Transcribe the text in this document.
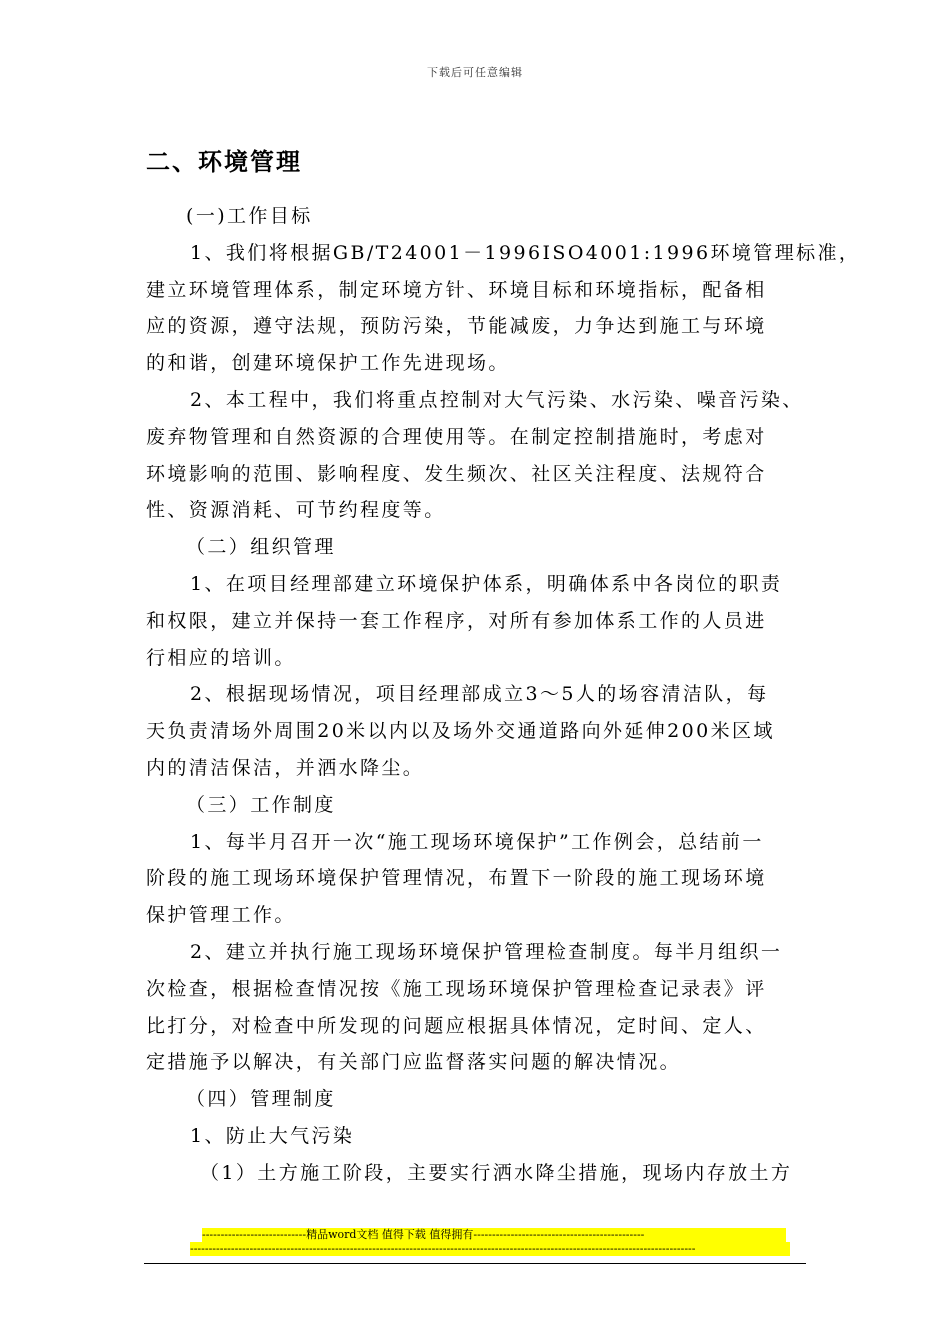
下载后可任意编辑
二、环境管理

(一)工作目标

1、我们将根据GB/T24001－1996ISO4001:1996环境管理标准，

建立环境管理体系，制定环境方针、环境目标和环境指标，配备相

应的资源，遵守法规，预防污染，节能减废，力争达到施工与环境

的和谐，创建环境保护工作先进现场。

2、本工程中，我们将重点控制对大气污染、水污染、噪音污染、

废弃物管理和自然资源的合理使用等。在制定控制措施时，考虑对

环境影响的范围、影响程度、发生频次、社区关注程度、法规符合

性、资源消耗、可节约程度等。

（二）组织管理

1、在项目经理部建立环境保护体系，明确体系中各岗位的职责

和权限，建立并保持一套工作程序，对所有参加体系工作的人员进

行相应的培训。

2、根据现场情况，项目经理部成立3～5人的场容清洁队，每

天负责清场外周围20米以内以及场外交通道路向外延伸200米区域

内的清洁保洁，并洒水降尘。

（三）工作制度

1、每半月召开一次“施工现场环境保护”工作例会，总结前一

阶段的施工现场环境保护管理情况，布置下一阶段的施工现场环境

保护管理工作。

2、建立并执行施工现场环境保护管理检查制度。每半月组织一

次检查，根据检查情况按《施工现场环境保护管理检查记录表》评

比打分，对检查中所发现的问题应根据具体情况，定时间、定人、

定措施予以解决，有关部门应监督落实问题的解决情况。

（四）管理制度

1、防止大气污染

（1）土方施工阶段，主要实行洒水降尘措施，现场内存放土方

----------------------------精品word文档 值得下载 值得拥有----------------------------------------------
----------------------------------------------------------------------------------------------------------------------------------------
